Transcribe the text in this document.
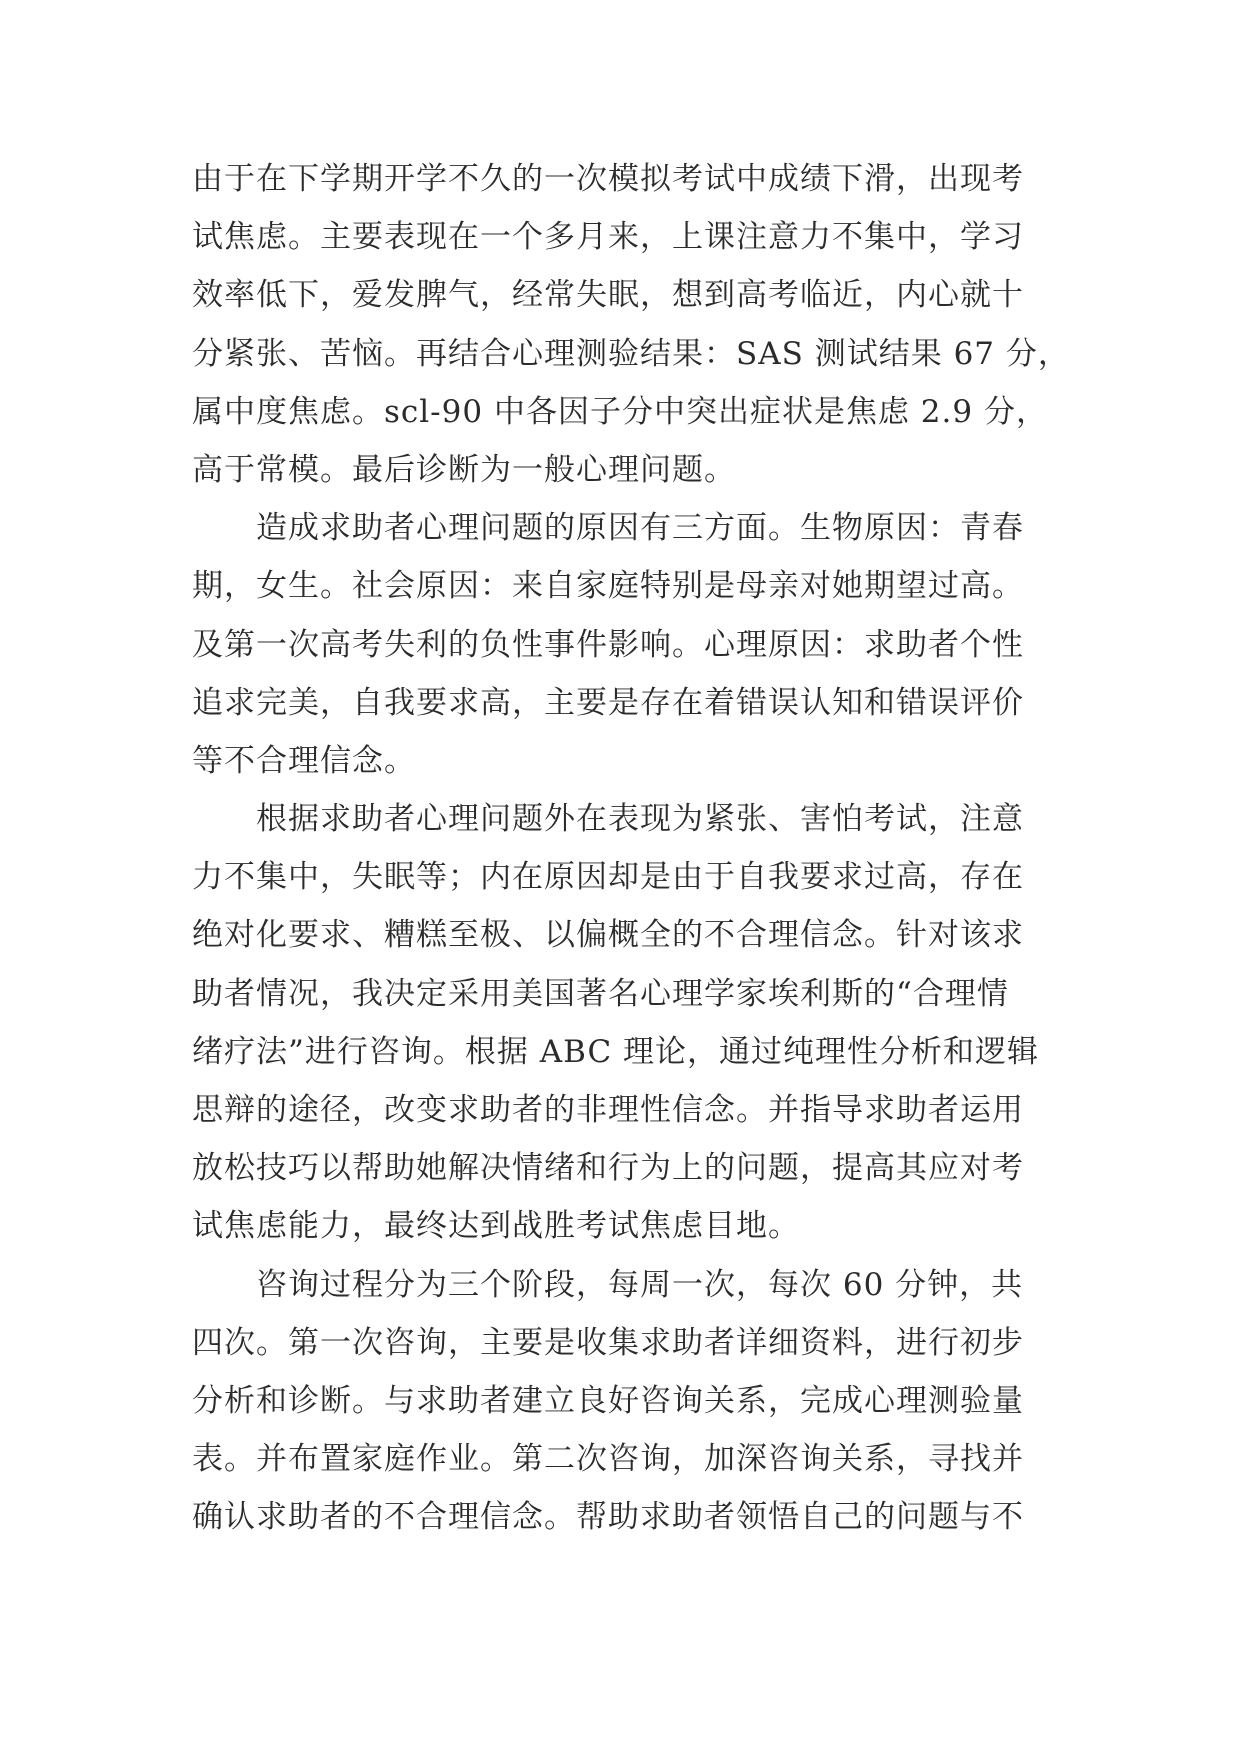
由于在下学期开学不久的一次模拟考试中成绩下滑，出现考
试焦虑。主要表现在一个多月来，上课注意力不集中，学习
效率低下，爱发脾气，经常失眠，想到高考临近，内心就十
分紧张、苦恼。再结合心理测验结果：SAS 测试结果 67 分，
属中度焦虑。scl-90 中各因子分中突出症状是焦虑 2.9 分，
高于常模。最后诊断为一般心理问题。
造成求助者心理问题的原因有三方面。生物原因：青春
期，女生。社会原因：来自家庭特别是母亲对她期望过高。
及第一次高考失利的负性事件影响。心理原因：求助者个性
追求完美，自我要求高，主要是存在着错误认知和错误评价
等不合理信念。
根据求助者心理问题外在表现为紧张、害怕考试，注意
力不集中，失眠等；内在原因却是由于自我要求过高，存在
绝对化要求、糟糕至极、以偏概全的不合理信念。针对该求
助者情况，我决定采用美国著名心理学家埃利斯的“合理情
绪疗法”进行咨询。根据 ABC 理论，通过纯理性分析和逻辑
思辩的途径，改变求助者的非理性信念。并指导求助者运用
放松技巧以帮助她解决情绪和行为上的问题，提高其应对考
试焦虑能力，最终达到战胜考试焦虑目地。
咨询过程分为三个阶段，每周一次，每次 60 分钟，共
四次。第一次咨询，主要是收集求助者详细资料，进行初步
分析和诊断。与求助者建立良好咨询关系，完成心理测验量
表。并布置家庭作业。第二次咨询，加深咨询关系，寻找并
确认求助者的不合理信念。帮助求助者领悟自己的问题与不
